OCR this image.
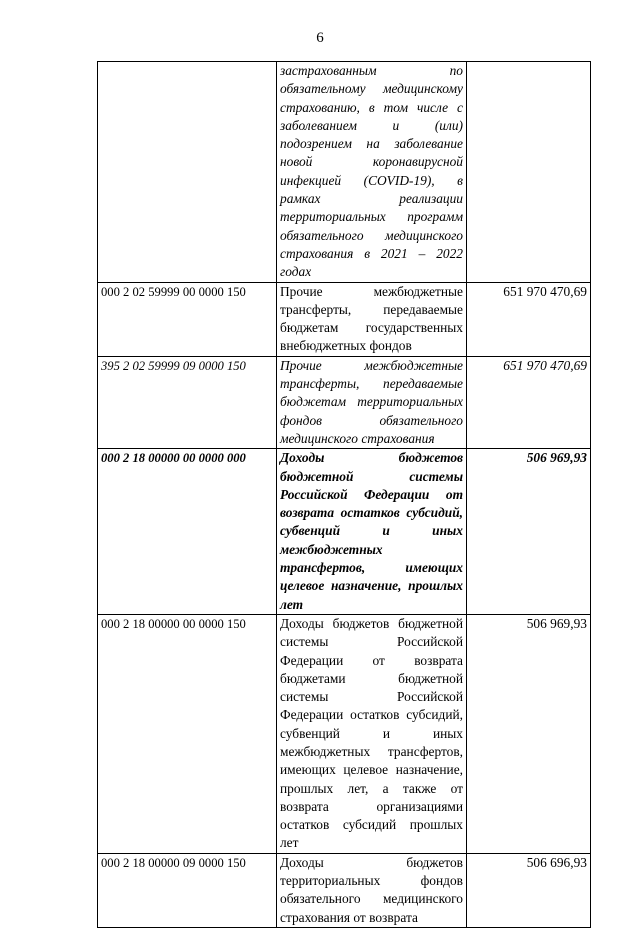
6
	застрахованным по обязательному медицинскому страхованию, в том числе с заболеванием и (или) подозрением на заболевание новой коронавирусной инфекцией (COVID-19), в рамках реализации территориальных программ обязательного медицинского страхования в 2021 – 2022 годах	
000 2 02 59999 00 0000 150	Прочие межбюджетные трансферты, передаваемые бюджетам государственных внебюджетных фондов	651 970 470,69
395 2 02 59999 09 0000 150	Прочие межбюджетные трансферты, передаваемые бюджетам территориальных фондов обязательного медицинского страхования	651 970 470,69
000 2 18 00000 00 0000 000	Доходы бюджетов бюджетной системы Российской Федерации от возврата остатков субсидий, субвенций и иных межбюджетных трансфертов, имеющих целевое назначение, прошлых лет	506 969,93
000 2 18 00000 00 0000 150	Доходы бюджетов бюджетной системы Российской Федерации от возврата бюджетами бюджетной системы Российской Федерации остатков субсидий, субвенций и иных межбюджетных трансфертов, имеющих целевое назначение, прошлых лет, а также от возврата организациями остатков субсидий прошлых лет	506 969,93
000 2 18 00000 09 0000 150	Доходы бюджетов территориальных фондов обязательного медицинского страхования от возврата	506 696,93
